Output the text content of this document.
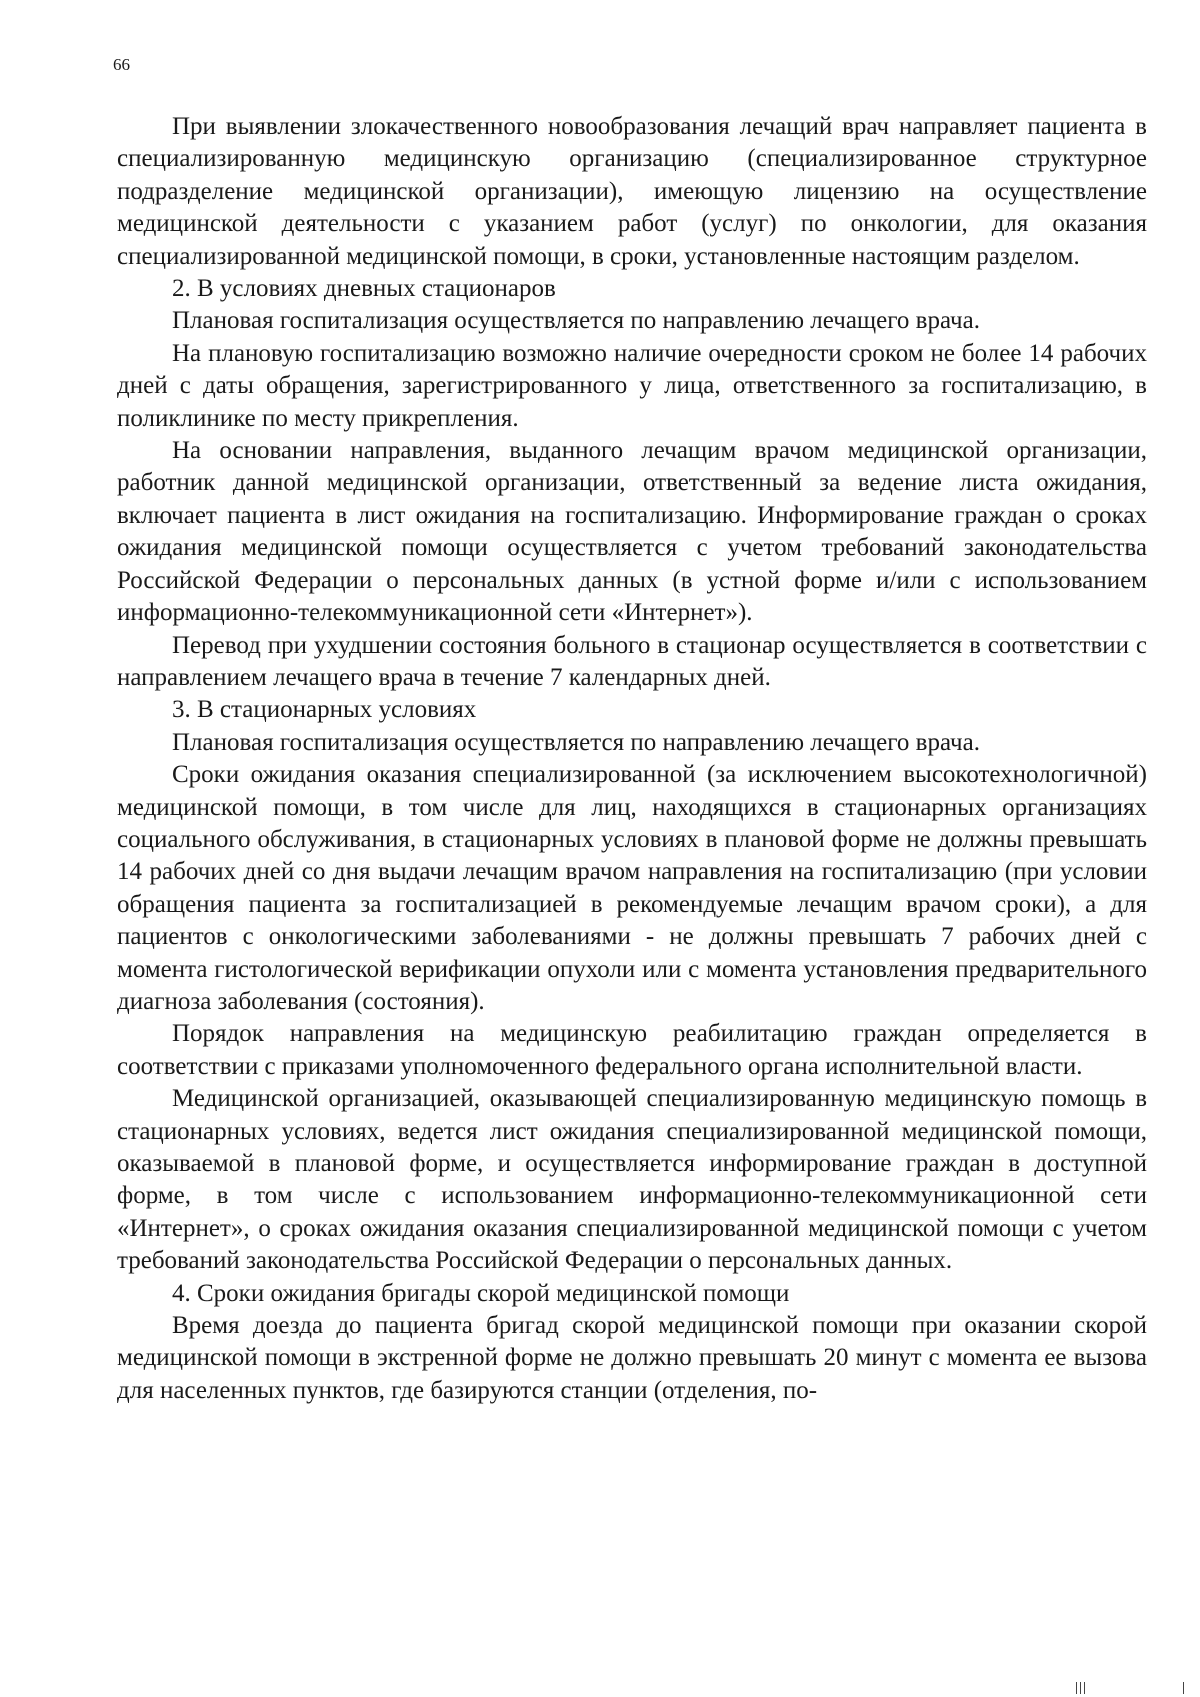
66

При выявлении злокачественного новообразования лечащий врач направляет пациента в специализированную медицинскую организацию (специализированное структурное подразделение медицинской организации), имеющую лицензию на осуществление медицинской деятельности с указанием работ (услуг) по онкологии, для оказания специализированной медицинской помощи, в сроки, установленные настоящим разделом.

2. В условиях дневных стационаров

Плановая госпитализация осуществляется по направлению лечащего врача.

На плановую госпитализацию возможно наличие очередности сроком не более 14 рабочих дней с даты обращения, зарегистрированного у лица, ответственного за госпитализацию, в поликлинике по месту прикрепления.

На основании направления, выданного лечащим врачом медицинской организации, работник данной медицинской организации, ответственный за ведение листа ожидания, включает пациента в лист ожидания на госпитализацию. Информирование граждан о сроках ожидания медицинской помощи осуществляется с учетом требований законодательства Российской Федерации о персональных данных (в устной форме и/или с использованием информационно-телекоммуникационной сети «Интернет»).

Перевод при ухудшении состояния больного в стационар осуществляется в соответствии с направлением лечащего врача в течение 7 календарных дней.

3. В стационарных условиях

Плановая госпитализация осуществляется по направлению лечащего врача.

Сроки ожидания оказания специализированной (за исключением высокотехнологичной) медицинской помощи, в том числе для лиц, находящихся в стационарных организациях социального обслуживания, в стационарных условиях в плановой форме не должны превышать 14 рабочих дней со дня выдачи лечащим врачом направления на госпитализацию (при условии обращения пациента за госпитализацией в рекомендуемые лечащим врачом сроки), а для пациентов с онкологическими заболеваниями - не должны превышать 7 рабочих дней с момента гистологической верификации опухоли или с момента установления предварительного диагноза заболевания (состояния).

Порядок направления на медицинскую реабилитацию граждан определяется в соответствии с приказами уполномоченного федерального органа исполнительной власти.

Медицинской организацией, оказывающей специализированную медицинскую помощь в стационарных условиях, ведется лист ожидания специализированной медицинской помощи, оказываемой в плановой форме, и осуществляется информирование граждан в доступной форме, в том числе с использованием информационно-телекоммуникационной сети «Интернет», о сроках ожидания оказания специализированной медицинской помощи с учетом требований законодательства Российской Федерации о персональных данных.

4. Сроки ожидания бригады скорой медицинской помощи

Время доезда до пациента бригад скорой медицинской помощи при оказании скорой медицинской помощи в экстренной форме не должно превышать 20 минут с момента ее вызова для населенных пунктов, где базируются станции (отделения, по-
